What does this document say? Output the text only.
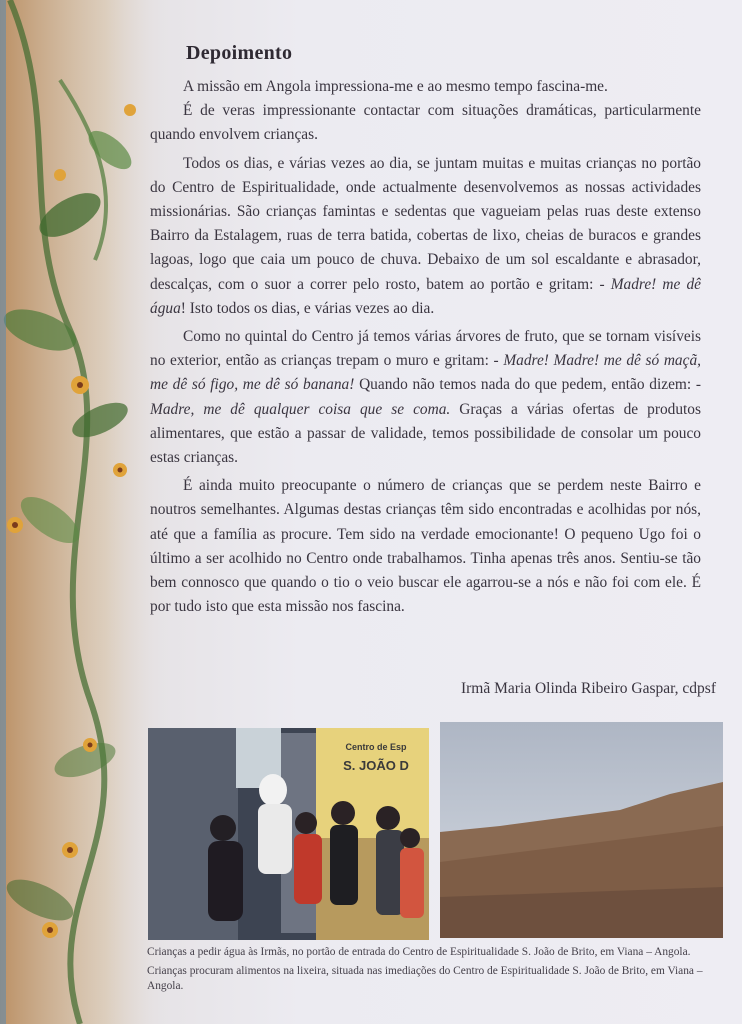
Depoimento

A missão em Angola impressiona-me e ao mesmo tempo fascina-me.

É de veras impressionante contactar com situações dramáticas, particularmente quando envolvem crianças.

Todos os dias, e várias vezes ao dia, se juntam muitas e muitas crianças no portão do Centro de Espiritualidade, onde actualmente desenvolvemos as nossas actividades missionárias. São crianças famintas e sedentas que vagueiam pelas ruas deste extenso Bairro da Estalagem, ruas de terra batida, cobertas de lixo, cheias de buracos e grandes lagoas, logo que caia um pouco de chuva. Debaixo de um sol escaldante e abrasador, descalças, com o suor a correr pelo rosto, batem ao portão e gritam: - Madre! me dê água! Isto todos os dias, e várias vezes ao dia.

Como no quintal do Centro já temos várias árvores de fruto, que se tornam visíveis no exterior, então as crianças trepam o muro e gritam: - Madre! Madre! me dê só maçã, me dê só figo, me dê só banana! Quando não temos nada do que pedem, então dizem: - Madre, me dê qualquer coisa que se coma. Graças a várias ofertas de produtos alimentares, que estão a passar de validade, temos possibilidade de consolar um pouco estas crianças.

É ainda muito preocupante o número de crianças que se perdem neste Bairro e noutros semelhantes. Algumas destas crianças têm sido encontradas e acolhidas por nós, até que a família as procure. Tem sido na verdade emocionante! O pequeno Ugo foi o último a ser acolhido no Centro onde trabalhamos. Tinha apenas três anos. Sentiu-se tão bem connosco que quando o tio o veio buscar ele agarrou-se a nós e não foi com ele. É por tudo isto que esta missão nos fascina.

Irmã Maria Olinda Ribeiro Gaspar, cdpsf

Centro de Esp
S. JOÃO D

Crianças a pedir água às Irmãs, no portão de entrada do Centro de Espiritualidade S. João de Brito, em Viana – Angola.

Crianças procuram alimentos na lixeira, situada nas imediações do Centro de Espiritualidade S. João de Brito, em Viana – Angola.
